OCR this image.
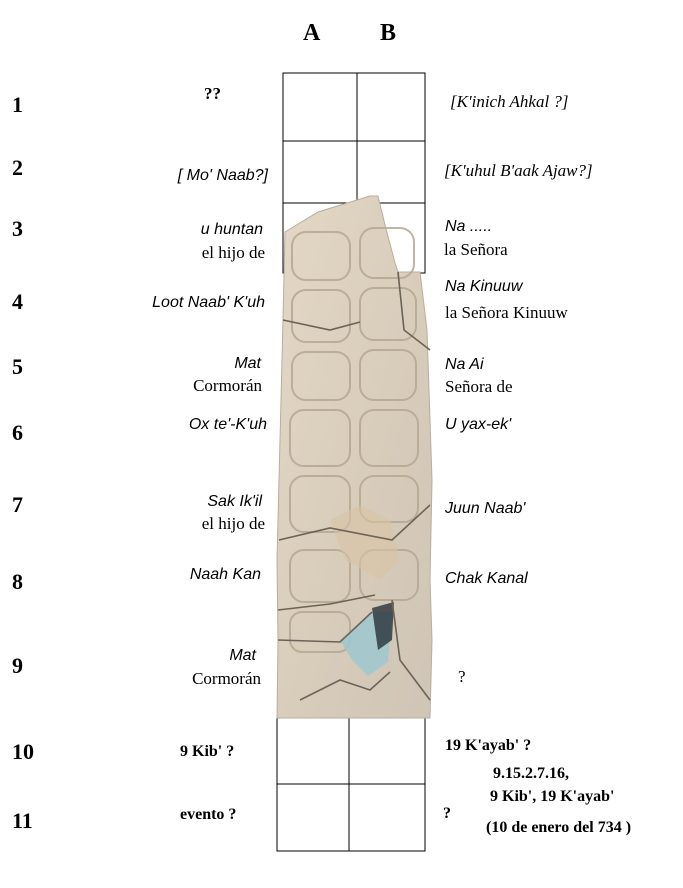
A B
1
2
3
4
5
6
7
8
9
10
11
??
[ Mo' Naab?]
u huntan
el hijo de
Loot Naab' K'uh
Mat
Cormorán
Ox te'-K'uh
Sak Ik'il
el hijo de
Naah Kan
Mat
Cormorán
9 Kib' ?
evento ?
[K'inich Ahkal ?]
[K'uhul B'aak Ajaw?]
Na .....
la Señora
Na Kinuuw
la Señora Kinuuw
Na Ai
Señora de
U yax-ek'
Juun Naab'
Chak Kanal
?
19 K'ayab' ?
9.15.2.7.16,
9 Kib', 19 K'ayab'
?
(10 de enero del 734 )
